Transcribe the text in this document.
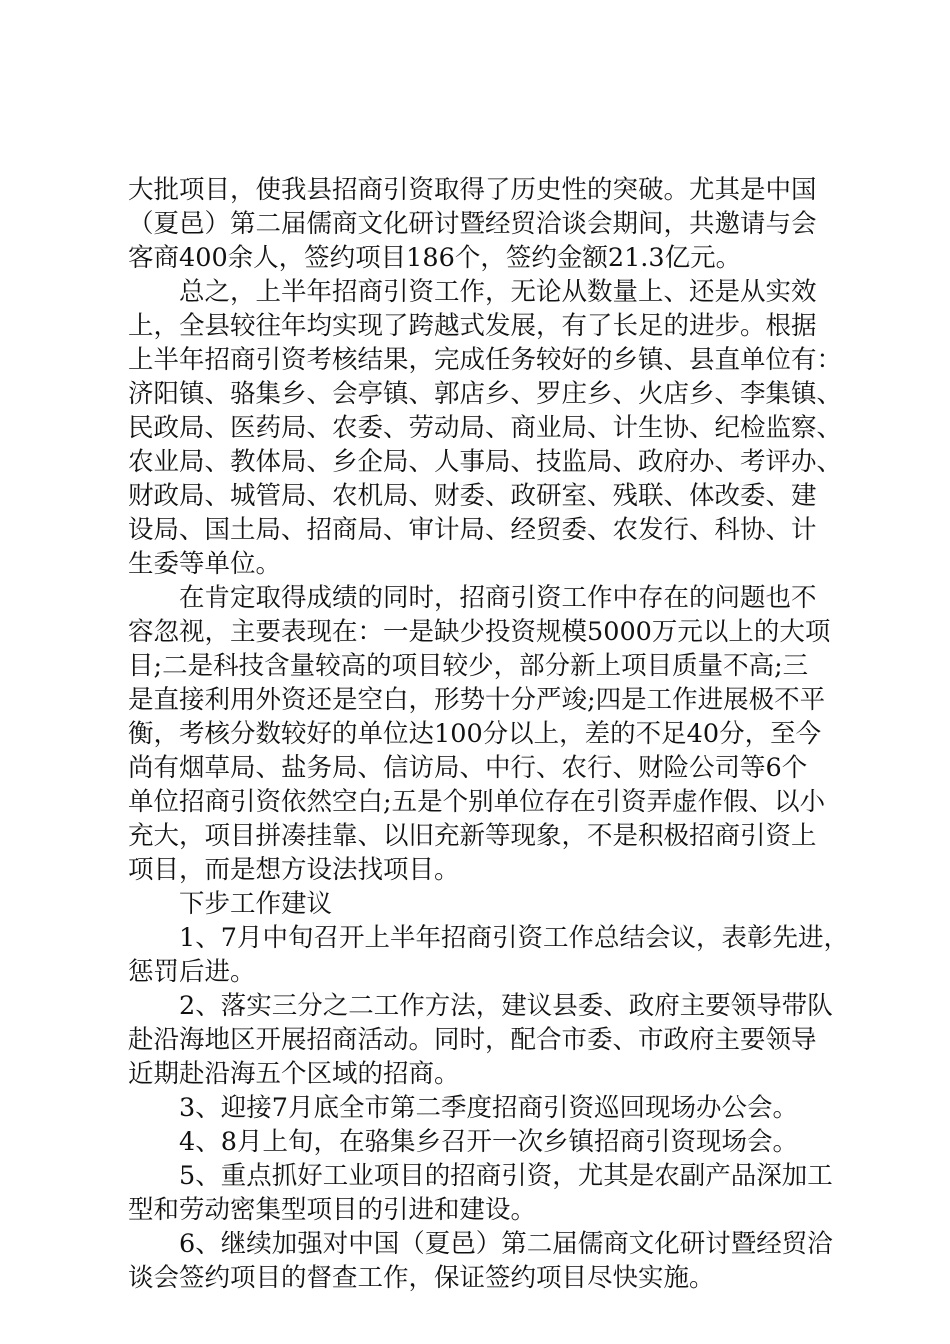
大批项目，使我县招商引资取得了历史性的突破。尤其是中国
（夏邑）第二届儒商文化研讨暨经贸洽谈会期间，共邀请与会
客商400余人，签约项目186个，签约金额21.3亿元。
　　总之，上半年招商引资工作，无论从数量上、还是从实效
上，全县较往年均实现了跨越式发展，有了长足的进步。根据
上半年招商引资考核结果，完成任务较好的乡镇、县直单位有：
济阳镇、骆集乡、会亭镇、郭店乡、罗庄乡、火店乡、李集镇、
民政局、医药局、农委、劳动局、商业局、计生协、纪检监察、
农业局、教体局、乡企局、人事局、技监局、政府办、考评办、
财政局、城管局、农机局、财委、政研室、残联、体改委、建
设局、国土局、招商局、审计局、经贸委、农发行、科协、计
生委等单位。
　　在肯定取得成绩的同时，招商引资工作中存在的问题也不
容忽视，主要表现在：一是缺少投资规模5000万元以上的大项
目;二是科技含量较高的项目较少，部分新上项目质量不高;三
是直接利用外资还是空白，形势十分严竣;四是工作进展极不平
衡，考核分数较好的单位达100分以上，差的不足40分，至今
尚有烟草局、盐务局、信访局、中行、农行、财险公司等6个
单位招商引资依然空白;五是个别单位存在引资弄虚作假、以小
充大，项目拼凑挂靠、以旧充新等现象，不是积极招商引资上
项目，而是想方设法找项目。
　　下步工作建议
　　1、7月中旬召开上半年招商引资工作总结会议，表彰先进，
惩罚后进。
　　2、落实三分之二工作方法，建议县委、政府主要领导带队
赴沿海地区开展招商活动。同时，配合市委、市政府主要领导
近期赴沿海五个区域的招商。
　　3、迎接7月底全市第二季度招商引资巡回现场办公会。
　　4、8月上旬，在骆集乡召开一次乡镇招商引资现场会。
　　5、重点抓好工业项目的招商引资，尤其是农副产品深加工
型和劳动密集型项目的引进和建设。
　　6、继续加强对中国（夏邑）第二届儒商文化研讨暨经贸洽
谈会签约项目的督查工作，保证签约项目尽快实施。
